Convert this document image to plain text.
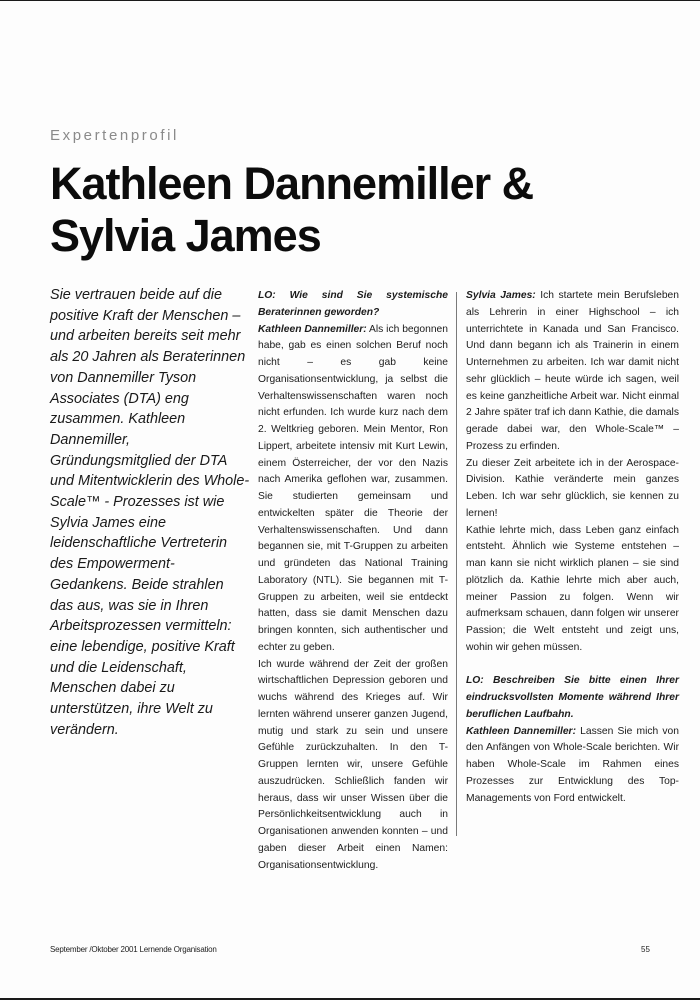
Expertenprofil
Kathleen Dannemiller &
Sylvia James

Sie vertrauen beide auf die positive Kraft der Menschen – und arbeiten bereits seit mehr als 20 Jahren als Beraterinnen von Dannemiller Tyson Associates (DTA) eng zusammen. Kathleen Dannemiller, Gründungsmitglied der DTA und Mitentwicklerin des Whole-Scale™ - Prozesses ist wie Sylvia James eine leidenschaftliche Vertreterin des Empowerment-Gedankens. Beide strahlen das aus, was sie in Ihren Arbeitsprozessen vermitteln: eine lebendige, positive Kraft und die Leidenschaft, Menschen dabei zu unterstützen, ihre Welt zu verändern.

LO: Wie sind Sie systemische Beraterinnen geworden?

Kathleen Dannemiller: Als ich begonnen habe, gab es einen solchen Beruf noch nicht – es gab keine Organisationsentwicklung, ja selbst die Verhaltenswissenschaften waren noch nicht erfunden. Ich wurde kurz nach dem 2. Weltkrieg geboren. Mein Mentor, Ron Lippert, arbeitete intensiv mit Kurt Lewin, einem Österreicher, der vor den Nazis nach Amerika geflohen war, zusammen. Sie studierten gemeinsam und entwickelten später die Theorie der Verhaltenswissenschaften. Und dann begannen sie, mit T-Gruppen zu arbeiten und gründeten das National Training Laboratory (NTL). Sie begannen mit T-Gruppen zu arbeiten, weil sie entdeckt hatten, dass sie damit Menschen dazu bringen konnten, sich authentischer und echter zu geben.

Ich wurde während der Zeit der großen wirtschaftlichen Depression geboren und wuchs während des Krieges auf. Wir lernten während unserer ganzen Jugend, mutig und stark zu sein und unsere Gefühle zurückzuhalten. In den T-Gruppen lernten wir, unsere Gefühle auszudrücken. Schließlich fanden wir heraus, dass wir unser Wissen über die Persönlichkeitsentwicklung auch in Organisationen anwenden konnten – und gaben dieser Arbeit einen Namen: Organisationsentwicklung.

Sylvia James: Ich startete mein Berufsleben als Lehrerin in einer Highschool – ich unterrichtete in Kanada und San Francisco. Und dann begann ich als Trainerin in einem Unternehmen zu arbeiten. Ich war damit nicht sehr glücklich – heute würde ich sagen, weil es keine ganzheitliche Arbeit war. Nicht einmal 2 Jahre später traf ich dann Kathie, die damals gerade dabei war, den Whole-Scale™ – Prozess zu erfinden.

Zu dieser Zeit arbeitete ich in der Aerospace-Division. Kathie veränderte mein ganzes Leben. Ich war sehr glücklich, sie kennen zu lernen!

Kathie lehrte mich, dass Leben ganz einfach entsteht. Ähnlich wie Systeme entstehen – man kann sie nicht wirklich planen – sie sind plötzlich da. Kathie lehrte mich aber auch, meiner Passion zu folgen. Wenn wir aufmerksam schauen, dann folgen wir unserer Passion; die Welt entsteht und zeigt uns, wohin wir gehen müssen.

LO: Beschreiben Sie bitte einen Ihrer eindrucksvollsten Momente während Ihrer beruflichen Laufbahn.

Kathleen Dannemiller: Lassen Sie mich von den Anfängen von Whole-Scale berichten. Wir haben Whole-Scale im Rahmen eines Prozesses zur Entwicklung des Top-Managements von Ford entwickelt.

September /Oktober 2001 Lernende Organisation	55
